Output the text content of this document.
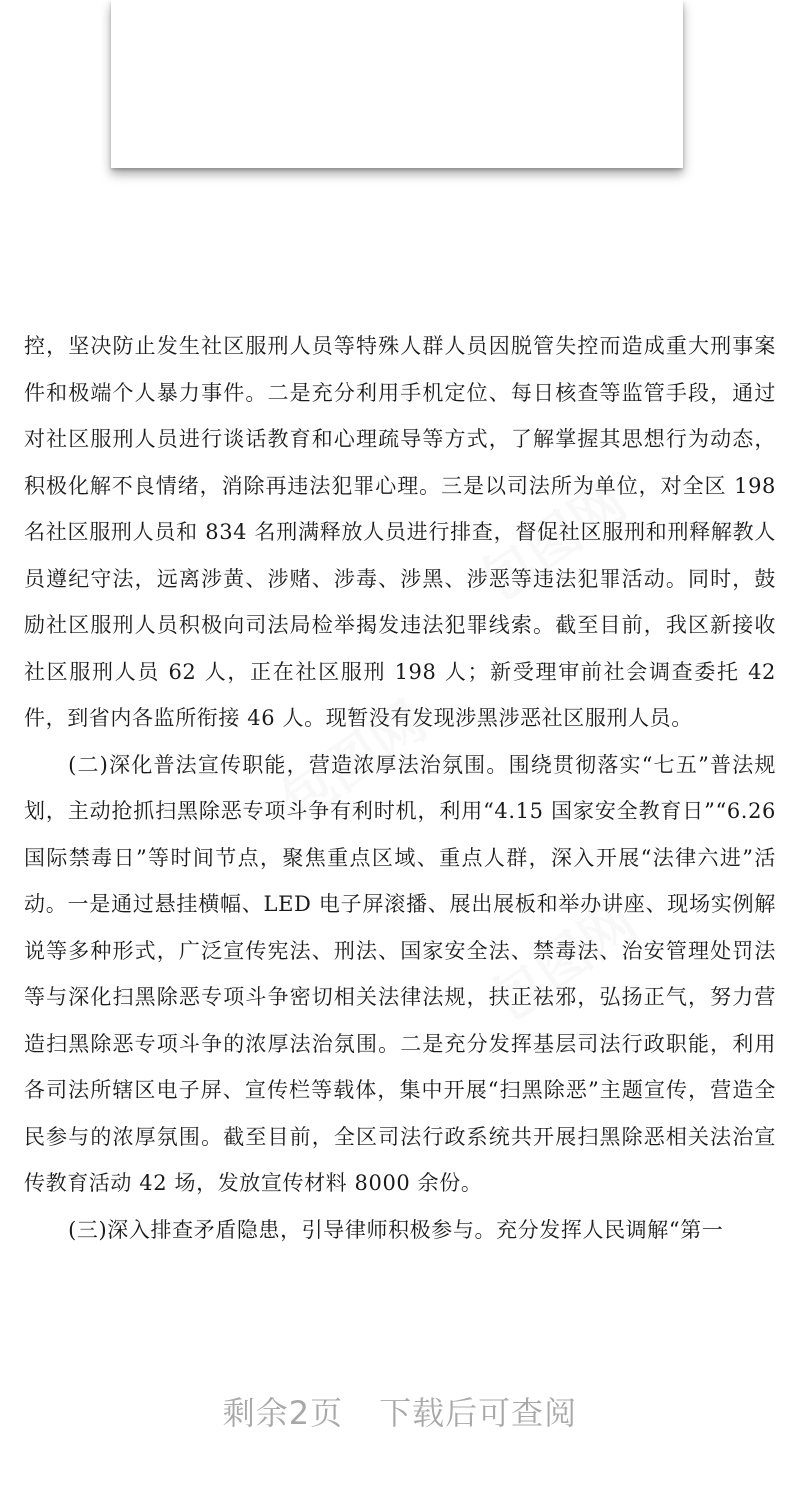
包图网
包图网
包图网

控，坚决防止发生社区服刑人员等特殊人群人员因脱管失控而造成重大刑事案件和极端个人暴力事件。二是充分利用手机定位、每日核查等监管手段，通过对社区服刑人员进行谈话教育和心理疏导等方式，了解掌握其思想行为动态，积极化解不良情绪，消除再违法犯罪心理。三是以司法所为单位，对全区 198 名社区服刑人员和 834 名刑满释放人员进行排查，督促社区服刑和刑释解教人员遵纪守法，远离涉黄、涉赌、涉毒、涉黑、涉恶等违法犯罪活动。同时，鼓励社区服刑人员积极向司法局检举揭发违法犯罪线索。截至目前，我区新接收社区服刑人员 62 人，正在社区服刑 198 人；新受理审前社会调查委托 42 件，到省内各监所衔接 46 人。现暂没有发现涉黑涉恶社区服刑人员。

(二)深化普法宣传职能，营造浓厚法治氛围。围绕贯彻落实“七五”普法规划，主动抢抓扫黑除恶专项斗争有利时机，利用“4.15 国家安全教育日”“6.26 国际禁毒日”等时间节点，聚焦重点区域、重点人群，深入开展“法律六进”活动。一是通过悬挂横幅、LED 电子屏滚播、展出展板和举办讲座、现场实例解说等多种形式，广泛宣传宪法、刑法、国家安全法、禁毒法、治安管理处罚法等与深化扫黑除恶专项斗争密切相关法律法规，扶正祛邪，弘扬正气，努力营造扫黑除恶专项斗争的浓厚法治氛围。二是充分发挥基层司法行政职能，利用各司法所辖区电子屏、宣传栏等载体，集中开展“扫黑除恶”主题宣传，营造全民参与的浓厚氛围。截至目前，全区司法行政系统共开展扫黑除恶相关法治宣传教育活动 42 场，发放宣传材料 8000 余份。

(三)深入排查矛盾隐患，引导律师积极参与。充分发挥人民调解“第一

剩余2页 下载后可查阅
